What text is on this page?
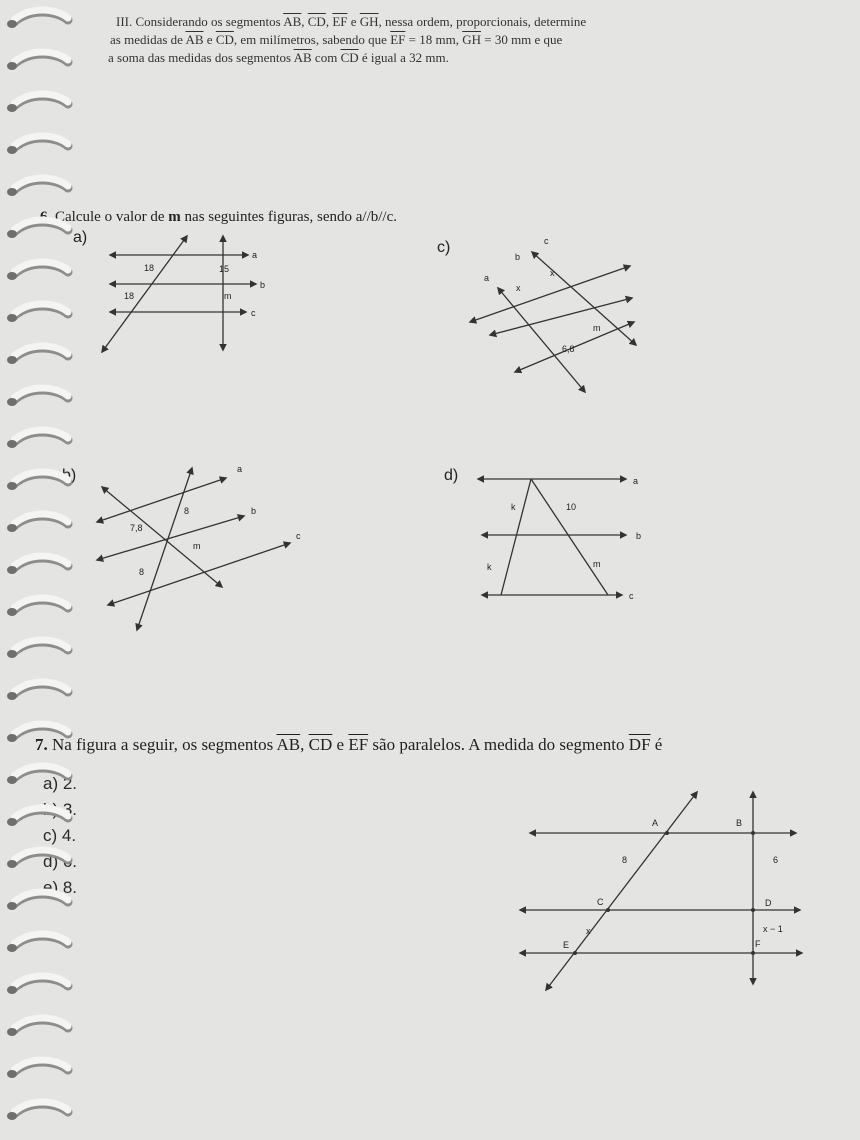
III. Considerando os segmentos $\overline{AB}$, $\overline{CD}$, $\overline{EF}$ e $\overline{GH}$, nessa ordem, proporcionais, determine
as medidas de $\overline{AB}$ e $\overline{CD}$, em milímetros, sabendo que $\overline{EF} = 18$ mm, $\overline{GH} = 30$ mm e que
a soma das medidas dos segmentos $\overline{AB}$ com $\overline{CD}$ é igual a 32 mm.
6. Calcule o valor de m nas seguintes figuras, sendo a//b//c.
a)
c)
b)	d)
a
b
c
18	15
18	m
c
b
a	x
x
m
6,8
a
b
c
8
7,8
m
8
a
b
c
k	10
k	m
A	B
C	D
E	F
8	6
x	x − 1
7. Na figura a seguir, os segmentos $\overline{AB}$, $\overline{CD}$ e $\overline{EF}$ são paralelos. A medida do segmento $\overline{DF}$ é
a) 2.
b) 3.
c) 4.
d) 6.
e) 8.
